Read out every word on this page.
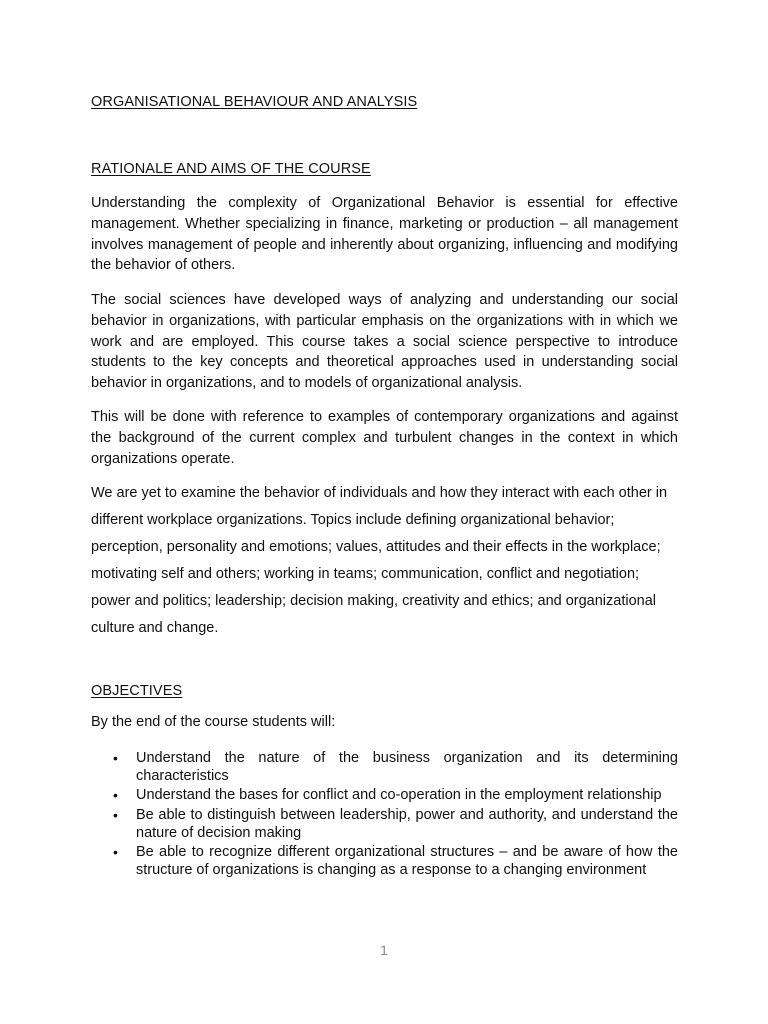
ORGANISATIONAL BEHAVIOUR AND ANALYSIS
RATIONALE AND AIMS OF THE COURSE

Understanding the complexity of Organizational Behavior is essential for effective management. Whether specializing in finance, marketing or production – all management involves management of people and inherently about organizing, influencing and modifying the behavior of others.

The social sciences have developed ways of analyzing and understanding our social behavior in organizations, with particular emphasis on the organizations with in which we work and are employed. This course takes a social science perspective to introduce students to the key concepts and theoretical approaches used in understanding social behavior in organizations, and to models of organizational analysis.

This will be done with reference to examples of contemporary organizations and against the background of the current complex and turbulent changes in the context in which organizations operate.

We are yet to examine the behavior of individuals and how they interact with each other in different workplace organizations. Topics include defining organizational behavior; perception, personality and emotions; values, attitudes and their effects in the workplace; motivating self and others; working in teams; communication, conflict and negotiation; power and politics; leadership; decision making, creativity and ethics; and organizational culture and change.

OBJECTIVES

By the end of the course students will:

• Understand the nature of the business organization and its determining characteristics
• Understand the bases for conflict and co-operation in the employment relationship
• Be able to distinguish between leadership, power and authority, and understand the nature of decision making
• Be able to recognize different organizational structures – and be aware of how the structure of organizations is changing as a response to a changing environment
1
